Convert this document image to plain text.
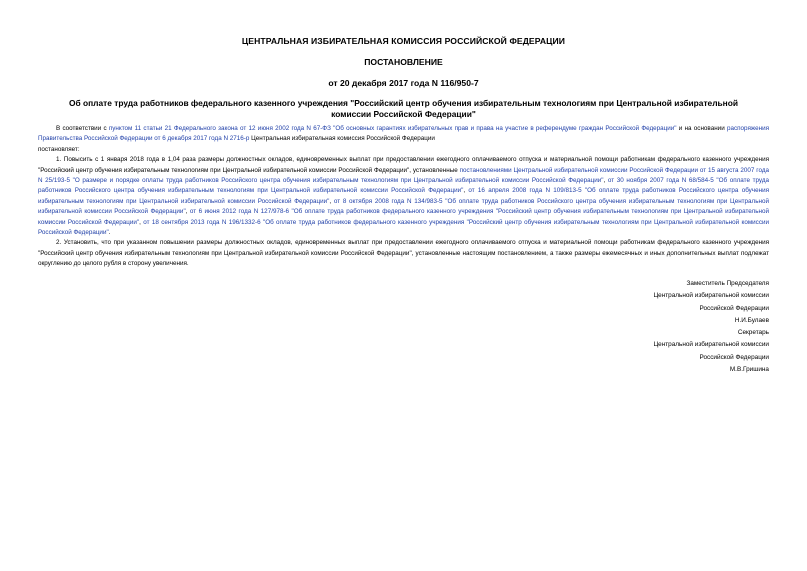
ЦЕНТРАЛЬНАЯ ИЗБИРАТЕЛЬНАЯ КОМИССИЯ РОССИЙСКОЙ ФЕДЕРАЦИИ
ПОСТАНОВЛЕНИЕ
от 20 декабря 2017 года N 116/950-7
Об оплате труда работников федерального казенного учреждения "Российский центр обучения избирательным технологиям при Центральной избирательной комиссии Российской Федерации"

В соответствии с пунктом 11 статьи 21 Федерального закона от 12 июня 2002 года N 67-ФЗ "Об основных гарантиях избирательных прав и права на участие в референдуме граждан Российской Федерации" и на основании распоряжения Правительства Российской Федерации от 6 декабря 2017 года N 2716-р Центральная избирательная комиссия Российской Федерации

постановляет:

1. Повысить с 1 января 2018 года в 1,04 раза размеры должностных окладов, единовременных выплат при предоставлении ежегодного оплачиваемого отпуска и материальной помощи работникам федерального казенного учреждения "Российский центр обучения избирательным технологиям при Центральной избирательной комиссии Российской Федерации", установленные постановлениями Центральной избирательной комиссии Российской Федерации от 15 августа 2007 года N 25/193-5 "О размере и порядке оплаты труда работников Российского центра обучения избирательным технологиям при Центральной избирательной комиссии Российской Федерации", от 30 ноября 2007 года N 68/584-5 "Об оплате труда работников Российского центра обучения избирательным технологиям при Центральной избирательной комиссии Российской Федерации", от 16 апреля 2008 года N 109/813-5 "Об оплате труда работников Российского центра обучения избирательным технологиям при Центральной избирательной комиссии Российской Федерации", от 8 октября 2008 года N 134/983-5 "Об оплате труда работников Российского центра обучения избирательным технологиям при Центральной избирательной комиссии Российской Федерации", от 6 июня 2012 года N 127/978-6 "Об оплате труда работников федерального казенного учреждения "Российский центр обучения избирательным технологиям при Центральной избирательной комиссии Российской Федерации", от 18 сентября 2013 года N 196/1332-6 "Об оплате труда работников федерального казенного учреждения "Российский центр обучения избирательным технологиям при Центральной избирательной комиссии Российской Федерации".

2. Установить, что при указанном повышении размеры должностных окладов, единовременных выплат при предоставлении ежегодного оплачиваемого отпуска и материальной помощи работникам федерального казенного учреждения "Российский центр обучения избирательным технологиям при Центральной избирательной комиссии Российской Федерации", установленные настоящим постановлением, а также размеры ежемесячных и иных дополнительных выплат подлежат округлению до целого рубля в сторону увеличения.

Заместитель Председателя
Центральной избирательной комиссии
Российской Федерации
Н.И.Булаев
Секретарь
Центральной избирательной комиссии
Российской Федерации
М.В.Гришина
